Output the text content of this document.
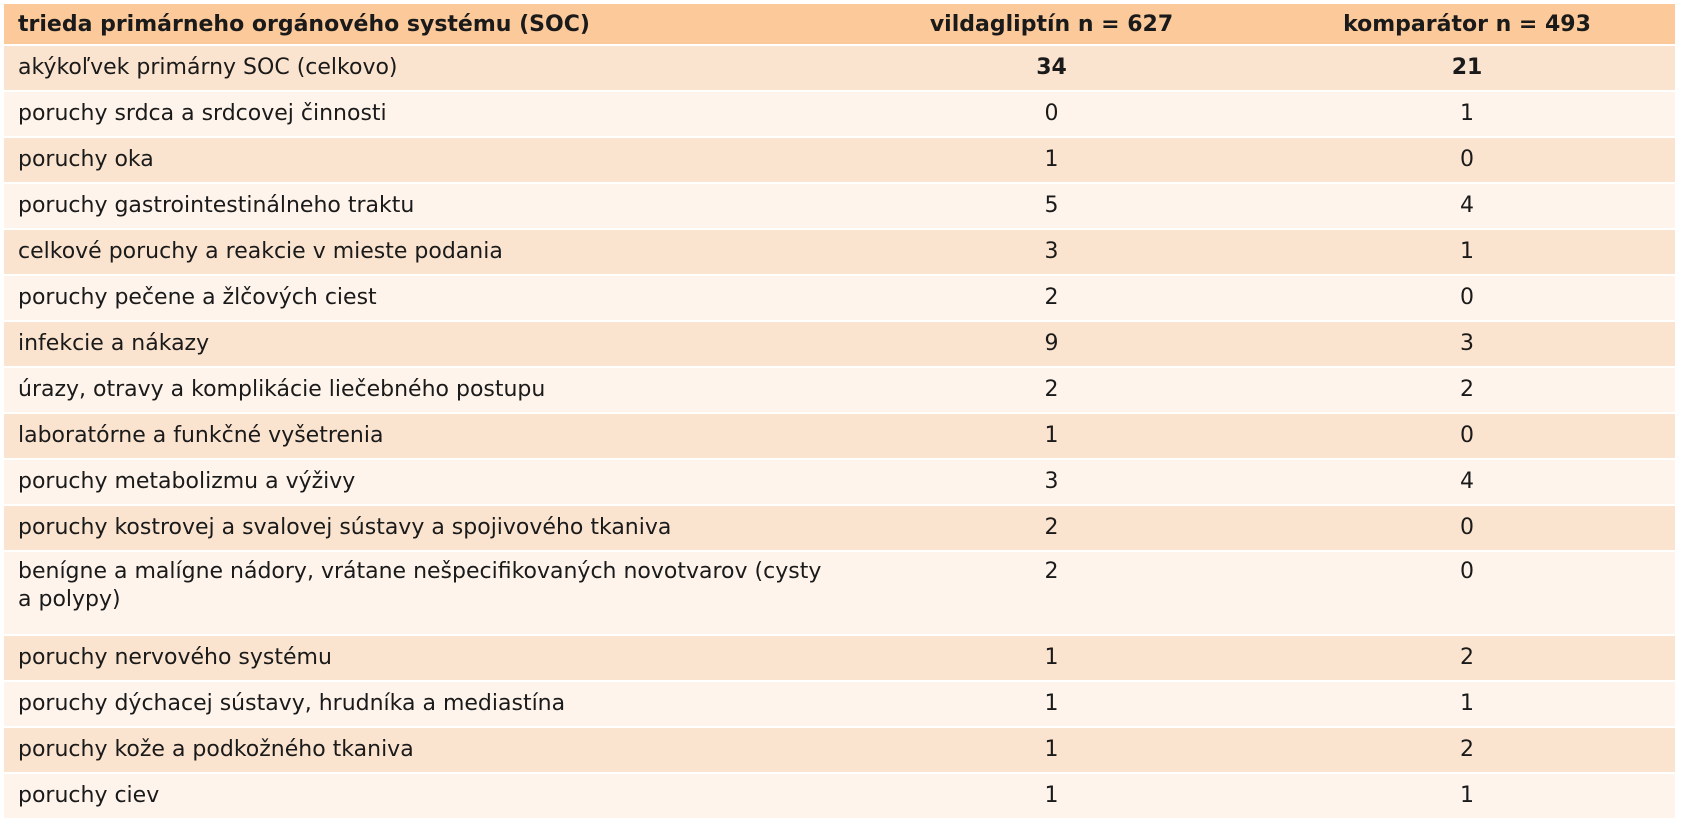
trieda primárneho orgánového systému (SOC)	vildagliptín n = 627	komparátor n = 493
akýkoľvek primárny SOC (celkovo)	34	21
poruchy srdca a srdcovej činnosti	0	1
poruchy oka	1	0
poruchy gastrointestinálneho traktu	5	4
celkové poruchy a reakcie v mieste podania	3	1
poruchy pečene a žlčových ciest	2	0
infekcie a nákazy	9	3
úrazy, otravy a komplikácie liečebného postupu	2	2
laboratórne a funkčné vyšetrenia	1	0
poruchy metabolizmu a výživy	3	4
poruchy kostrovej a svalovej sústavy a spojivového tkaniva	2	0
benígne a malígne nádory, vrátane nešpecifikovaných novotvarov (cysty a polypy)	2	0
poruchy nervového systému	1	2
poruchy dýchacej sústavy, hrudníka a mediastína	1	1
poruchy kože a podkožného tkaniva	1	2
poruchy ciev	1	1
